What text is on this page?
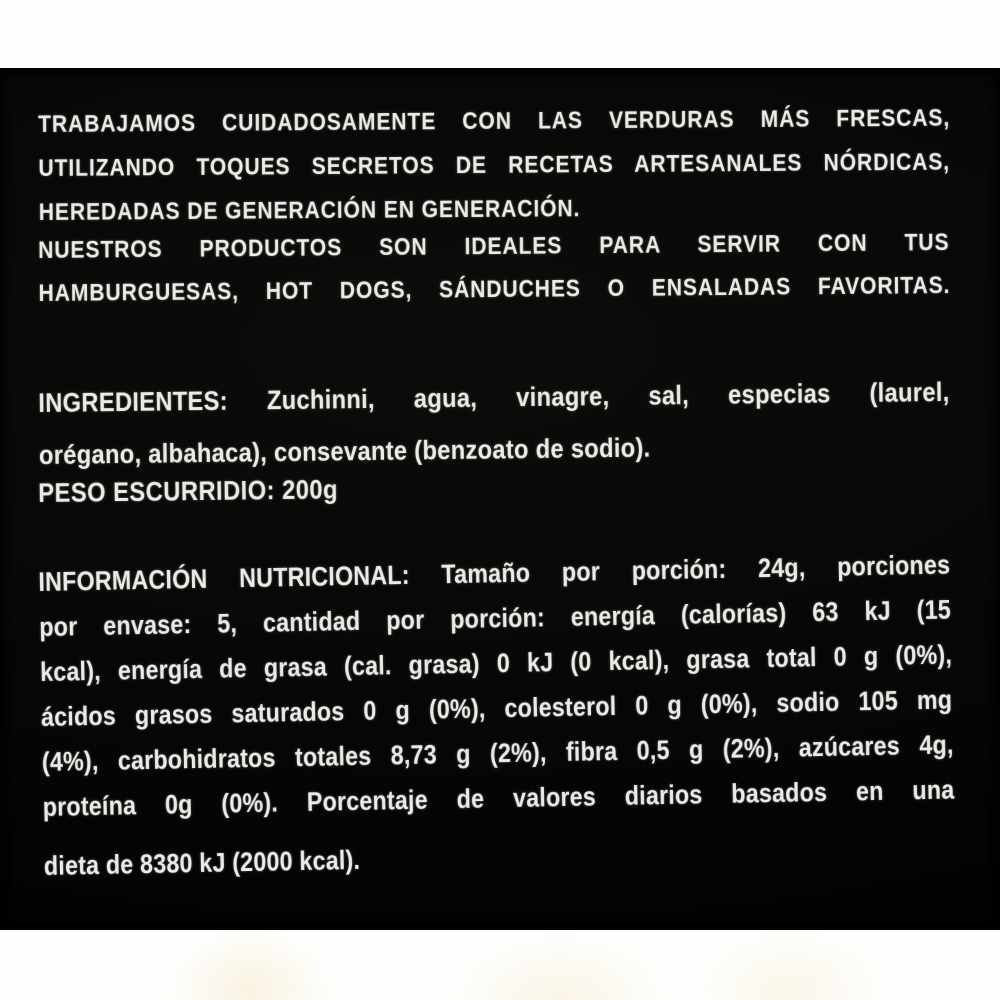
TRABAJAMOS CUIDADOSAMENTE CON LAS VERDURAS MÁS FRESCAS,
UTILIZANDO TOQUES SECRETOS DE RECETAS ARTESANALES NÓRDICAS,
HEREDADAS DE GENERACIÓN EN GENERACIÓN.
NUESTROS PRODUCTOS SON IDEALES PARA SERVIR CON TUS
HAMBURGUESAS, HOT DOGS, SÁNDUCHES O ENSALADAS FAVORITAS.
INGREDIENTES: Zuchinni, agua, vinagre, sal, especias (laurel,
orégano, albahaca), consevante (benzoato de sodio).
PESO ESCURRIDIO: 200g
INFORMACIÓN NUTRICIONAL: Tamaño por porción: 24g, porciones
por envase: 5, cantidad por porción: energía (calorías) 63 kJ (15
kcal), energía de grasa (cal. grasa) 0 kJ (0 kcal), grasa total 0 g (0%),
ácidos grasos saturados 0 g (0%), colesterol 0 g (0%), sodio 105 mg
(4%), carbohidratos totales 8,73 g (2%), fibra 0,5 g (2%), azúcares 4g,
proteína 0g (0%). Porcentaje de valores diarios basados en una
dieta de 8380 kJ (2000 kcal).
